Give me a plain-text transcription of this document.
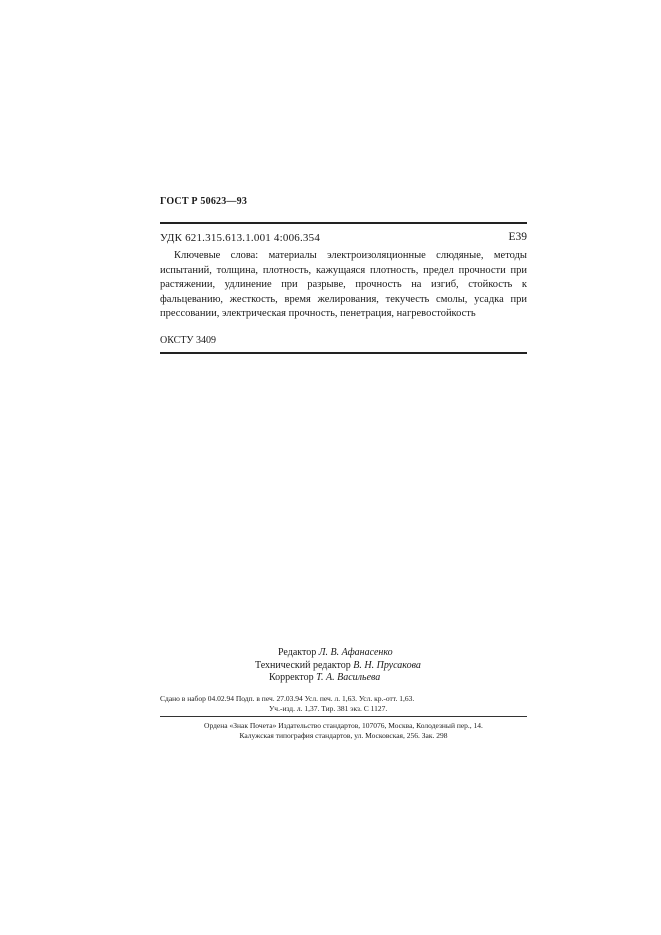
ГОСТ Р 50623—93
УДК 621.315.613.1.001 4:006.354	Е39
Ключевые слова: материалы электроизоляционные слюдяные, методы испытаний, толщина, плотность, кажущаяся плотность, предел прочности при растяжении, удлинение при разрыве, прочность на изгиб, стойкость к фальцеванию, жесткость, время желирования, текучесть смолы, усадка при прессовании, электрическая прочность, пенетрация, нагревостойкость
ОКСТУ 3409
Редактор Л. В. Афанасенко
Технический редактор В. Н. Прусакова
Корректор Т. А. Васильева
Сдано в набор 04.02.94 Подп. в печ. 27.03.94 Усл. печ. л. 1,63. Усл. кр.-отт. 1,63.
Уч.-изд. л. 1,37. Тир. 381 экз. С 1127.
Ордена «Знак Почета» Издательство стандартов, 107076, Москва, Колодезный пер., 14.
Калужская типография стандартов, ул. Московская, 256. Зак. 298
